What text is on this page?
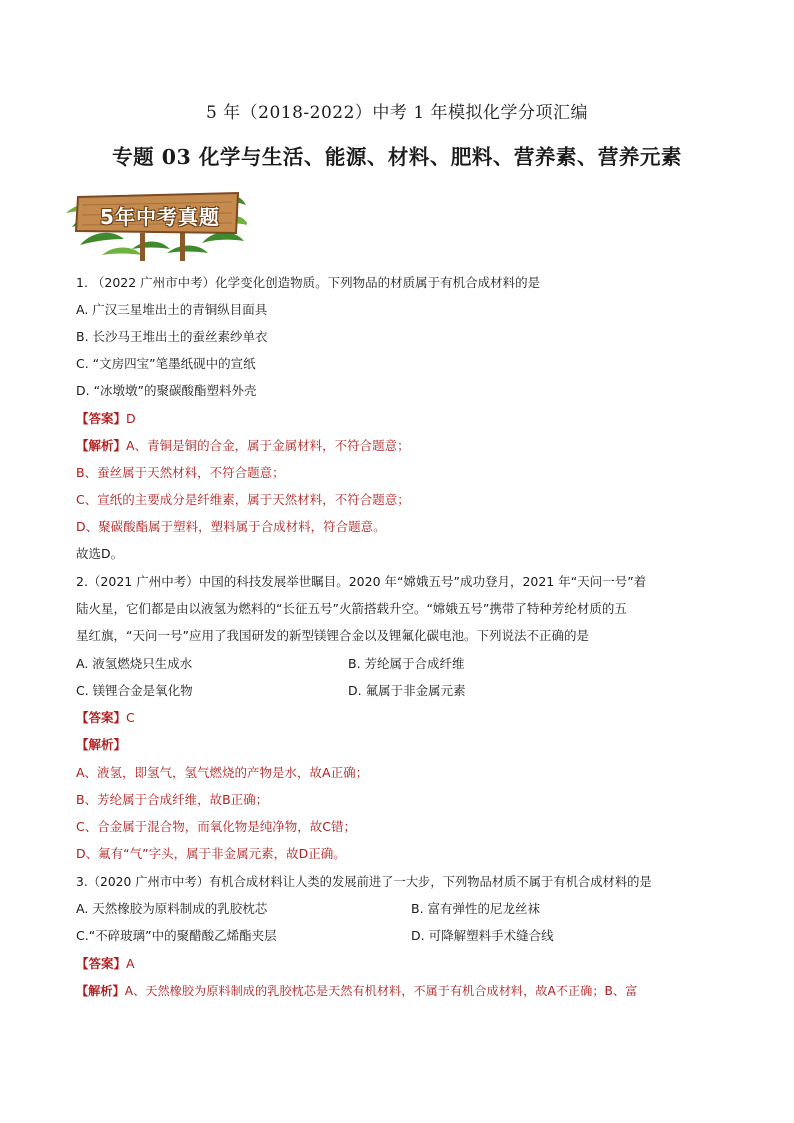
5 年（2018-2022）中考 1 年模拟化学分项汇编
专题 03 化学与生活、能源、材料、肥料、营养素、营养元素
5年中考真题
1. （2022 广州市中考）化学变化创造物质。下列物品的材质属于有机合成材料的是
A. 广汉三星堆出土的青铜纵目面具
B. 长沙马王堆出土的蚕丝素纱单衣
C. “文房四宝”笔墨纸砚中的宣纸
D. “冰墩墩”的聚碳酸酯塑料外壳
【答案】D
【解析】A、青铜是铜的合金，属于金属材料，不符合题意；
B、蚕丝属于天然材料，不符合题意；
C、宣纸的主要成分是纤维素，属于天然材料，不符合题意；
D、聚碳酸酯属于塑料，塑料属于合成材料，符合题意。
故选D。
2.（2021 广州中考）中国的科技发展举世瞩目。2020 年“嫦娥五号”成功登月，2021 年“天问一号”着
陆火星，它们都是由以液氢为燃料的“长征五号”火箭搭载升空。“嫦娥五号”携带了特种芳纶材质的五
星红旗，“天问一号”应用了我国研发的新型镁锂合金以及锂氟化碳电池。下列说法不正确的是
A. 液氢燃烧只生成水	B. 芳纶属于合成纤维
C. 镁锂合金是氧化物	D. 氟属于非金属元素
【答案】C
【解析】
A、液氢，即氢气，氢气燃烧的产物是水，故A正确；
B、芳纶属于合成纤维，故B正确；
C、合金属于混合物，而氧化物是纯净物，故C错；
D、氟有“气”字头，属于非金属元素，故D正确。
3.（2020 广州市中考）有机合成材料让人类的发展前进了一大步，下列物品材质不属于有机合成材料的是
A. 天然橡胶为原料制成的乳胶枕芯	B. 富有弹性的尼龙丝袜
C.“不碎玻璃”中的聚醋酸乙烯酯夹层	D. 可降解塑料手术缝合线
【答案】A
【解析】A、天然橡胶为原料制成的乳胶枕芯是天然有机材料，不属于有机合成材料，故A不正确；B、富
